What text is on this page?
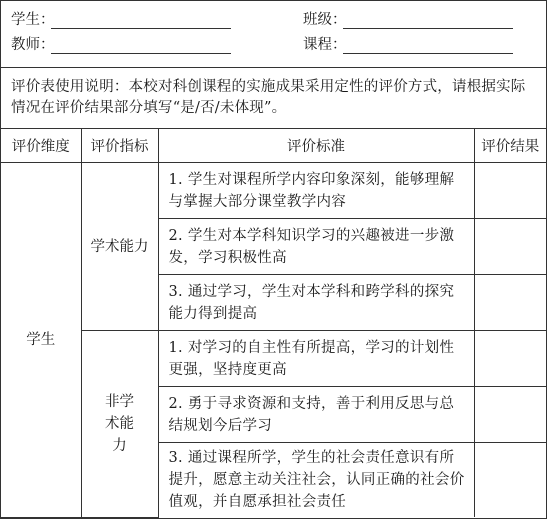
学生：	班级：
教师：	课程：
评价表使用说明：本校对科创课程的实施成果采用定性的评价方式，请根据实际情况在评价结果部分填写“是/否/未体现”。
评价维度	评价指标	评价标准	评价结果
学生	学术能力	1. 学生对课程所学内容印象深刻，能够理解与掌握大部分课堂教学内容	
		2. 学生对本学科知识学习的兴趣被进一步激发，学习积极性高	
		3. 通过学习，学生对本学科和跨学科的探究能力得到提高	
	非学术能力	1. 对学习的自主性有所提高，学习的计划性更强，坚持度更高	
		2. 勇于寻求资源和支持，善于利用反思与总结规划今后学习	
		3. 通过课程所学，学生的社会责任意识有所提升，愿意主动关注社会，认同正确的社会价值观，并自愿承担社会责任	
